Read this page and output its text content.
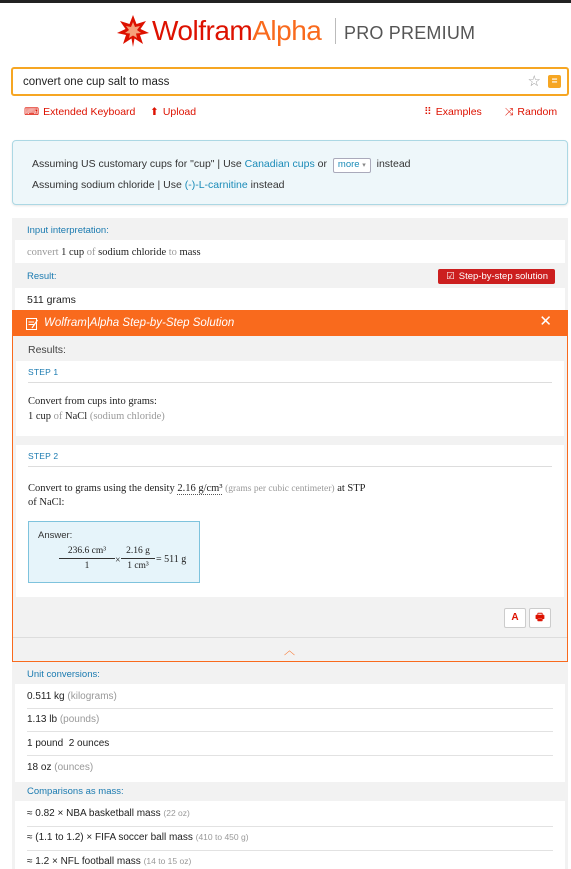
WolframAlpha PRO PREMIUM
convert one cup salt to mass
☆	=
⌨ Extended Keyboard ⬆ Upload	⠿ Examples ⤨ Random
Assuming US customary cups for "cup" | Use Canadian cups or more ▾ instead
Assuming sodium chloride | Use (-)-L-carnitine instead
Input interpretation:
convert 1 cup of sodium chloride to mass
Result:	☑ Step-by-step solution
511 grams
Unit conversions:
0.511 kg (kilograms)
1.13 lb (pounds)
1 pound  2 ounces
18 oz (ounces)
Comparisons as mass:
≈ 0.82 × NBA basketball mass (22 oz)
≈ (1.1 to 1.2) × FIFA soccer ball mass (410 to 450 g)
≈ 1.2 × NFL football mass (14 to 15 oz)
Wolfram|Alpha Step-by-Step Solution	✕
Results:
STEP 1
Convert from cups into grams:
1 cup of NaCl (sodium chloride)
STEP 2
Convert to grams using the density 2.16 g/cm³ (grams per cubic centimeter) at STP
of NaCl:
Answer:
$\frac{\text{236.6 cm³}}{1} \times \frac{2.16 g}{\text{1 cm³}} = 511$ g
A	🖶
︿
